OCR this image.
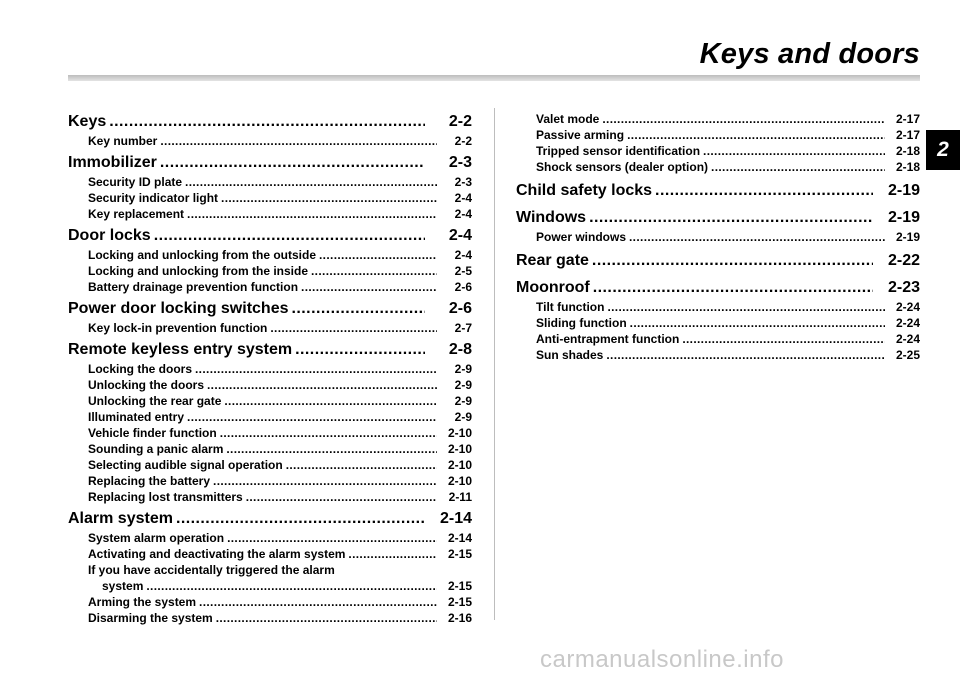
Keys and doors
2
Keys . . .	2-2
Key number . . .	2-2
Immobilizer . . .	2-3
Security ID plate . . .	2-3
Security indicator light . . .	2-4
Key replacement . . .	2-4
Door locks . . .	2-4
Locking and unlocking from the outside . . .	2-4
Locking and unlocking from the inside . . .	2-5
Battery drainage prevention function . . .	2-6
Power door locking switches . . .	2-6
Key lock-in prevention function . . .	2-7
Remote keyless entry system . . .	2-8
Locking the doors . . .	2-9
Unlocking the doors . . .	2-9
Unlocking the rear gate . . .	2-9
Illuminated entry . . .	2-9
Vehicle finder function . . .	2-10
Sounding a panic alarm . . .	2-10
Selecting audible signal operation . . .	2-10
Replacing the battery . . .	2-10
Replacing lost transmitters . . .	2-11
Alarm system . . .	2-14
System alarm operation . . .	2-14
Activating and deactivating the alarm system . . .	2-15
If you have accidentally triggered the alarm
system . . .	2-15
Arming the system . . .	2-15
Disarming the system . . .	2-16
Valet mode . . .	2-17
Passive arming . . .	2-17
Tripped sensor identification . . .	2-18
Shock sensors (dealer option) . . .	2-18
Child safety locks . . .	2-19
Windows . . .	2-19
Power windows . . .	2-19
Rear gate . . .	2-22
Moonroof . . .	2-23
Tilt function . . .	2-24
Sliding function . . .	2-24
Anti-entrapment function . . .	2-24
Sun shades . . .	2-25
carmanualsonline.info
